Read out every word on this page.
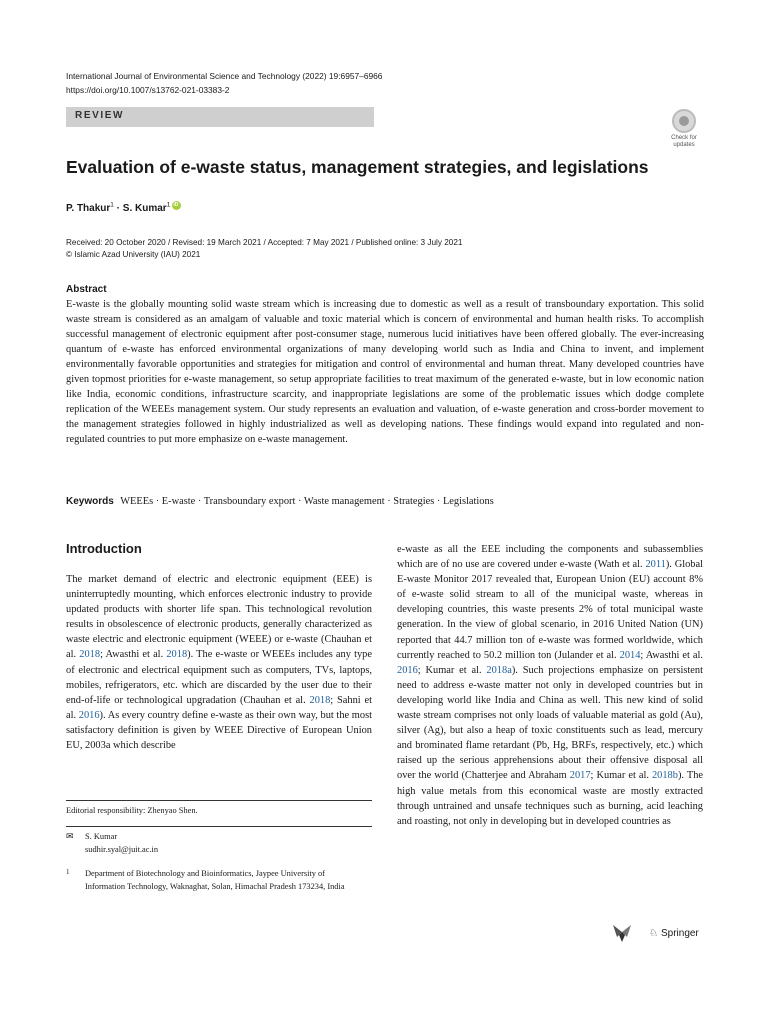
International Journal of Environmental Science and Technology (2022) 19:6957–6966
https://doi.org/10.1007/s13762-021-03383-2
REVIEW
Check for updates
Evaluation of e-waste status, management strategies, and legislations
P. Thakur$^1$ · S. Kumar$^1$iD
Received: 20 October 2020 / Revised: 19 March 2021 / Accepted: 7 May 2021 / Published online: 3 July 2021
© Islamic Azad University (IAU) 2021
Abstract

E-waste is the globally mounting solid waste stream which is increasing due to domestic as well as a result of transboundary exportation. This solid waste stream is considered as an amalgam of valuable and toxic material which is concern of environmental and human health risks. To accomplish successful management of electronic equipment after post-consumer stage, numerous lucid initiatives have been offered globally. The ever-increasing quantum of e-waste has enforced environmental organizations of many developing world such as India and China to invent, and implement environmentally favorable opportunities and strategies for mitigation and control of environmental and human threat. Many developed countries have given topmost priorities for e-waste management, so setup appropriate facilities to treat maximum of the generated e-waste, but in low economic nation like India, economic conditions, infrastructure scarcity, and inappropriate legislations are some of the problematic issues which dodge complete replication of the WEEEs management system. Our study represents an evaluation and valuation, of e-waste generation and cross-border movement to the management strategies followed in highly industrialized as well as developing nations. These findings would expand into regulated and non-regulated countries to put more emphasize on e-waste management.

Keywords WEEEs · E-waste · Transboundary export · Waste management · Strategies · Legislations
Introduction

The market demand of electric and electronic equipment (EEE) is uninterruptedly mounting, which enforces electronic industry to provide updated products with shorter life span. This technological revolution results in obsolescence of electronic products, generally characterized as waste electric and electronic equipment (WEEE) or e-waste (Chauhan et al. 2018; Awasthi et al. 2018). The e-waste or WEEEs includes any type of electronic and electrical equipment such as computers, TVs, laptops, mobiles, refrigerators, etc. which are discarded by the user due to their end-of-life or technological upgradation (Chauhan et al. 2018; Sahni et al. 2016). As every country define e-waste as their own way, but the most satisfactory definition is given by WEEE Directive of European Union EU, 2003a which describe

e-waste as all the EEE including the components and subassemblies which are of no use are covered under e-waste (Wath et al. 2011). Global E-waste Monitor 2017 revealed that, European Union (EU) account 8% of e-waste solid stream to all of the municipal waste, whereas in developing countries, this waste presents 2% of total municipal waste generation. In the view of global scenario, in 2016 United Nation (UN) reported that 44.7 million ton of e-waste was formed worldwide, which currently reached to 50.2 million ton (Julander et al. 2014; Awasthi et al. 2016; Kumar et al. 2018a). Such projections emphasize on persistent need to address e-waste matter not only in developed countries but in developing world like India and China as well. This new kind of solid waste stream comprises not only loads of valuable material as gold (Au), silver (Ag), but also a heap of toxic constituents such as lead, mercury and brominated flame retardant (Pb, Hg, BRFs, respectively, etc.) which raised up the serious apprehensions about their offensive disposal all over the world (Chatterjee and Abraham 2017; Kumar et al. 2018b). The high value metals from this economical waste are mostly extracted through untrained and unsafe techniques such as burning, acid leaching and roasting, not only in developing but in developed countries as

Editorial responsibility: Zhenyao Shen.
✉ S. Kumar
sudhir.syal@juit.ac.in
1 Department of Biotechnology and Bioinformatics, Jaypee University of Information Technology, Waknaghat, Solan, Himachal Pradesh 173234, India
♘ Springer
